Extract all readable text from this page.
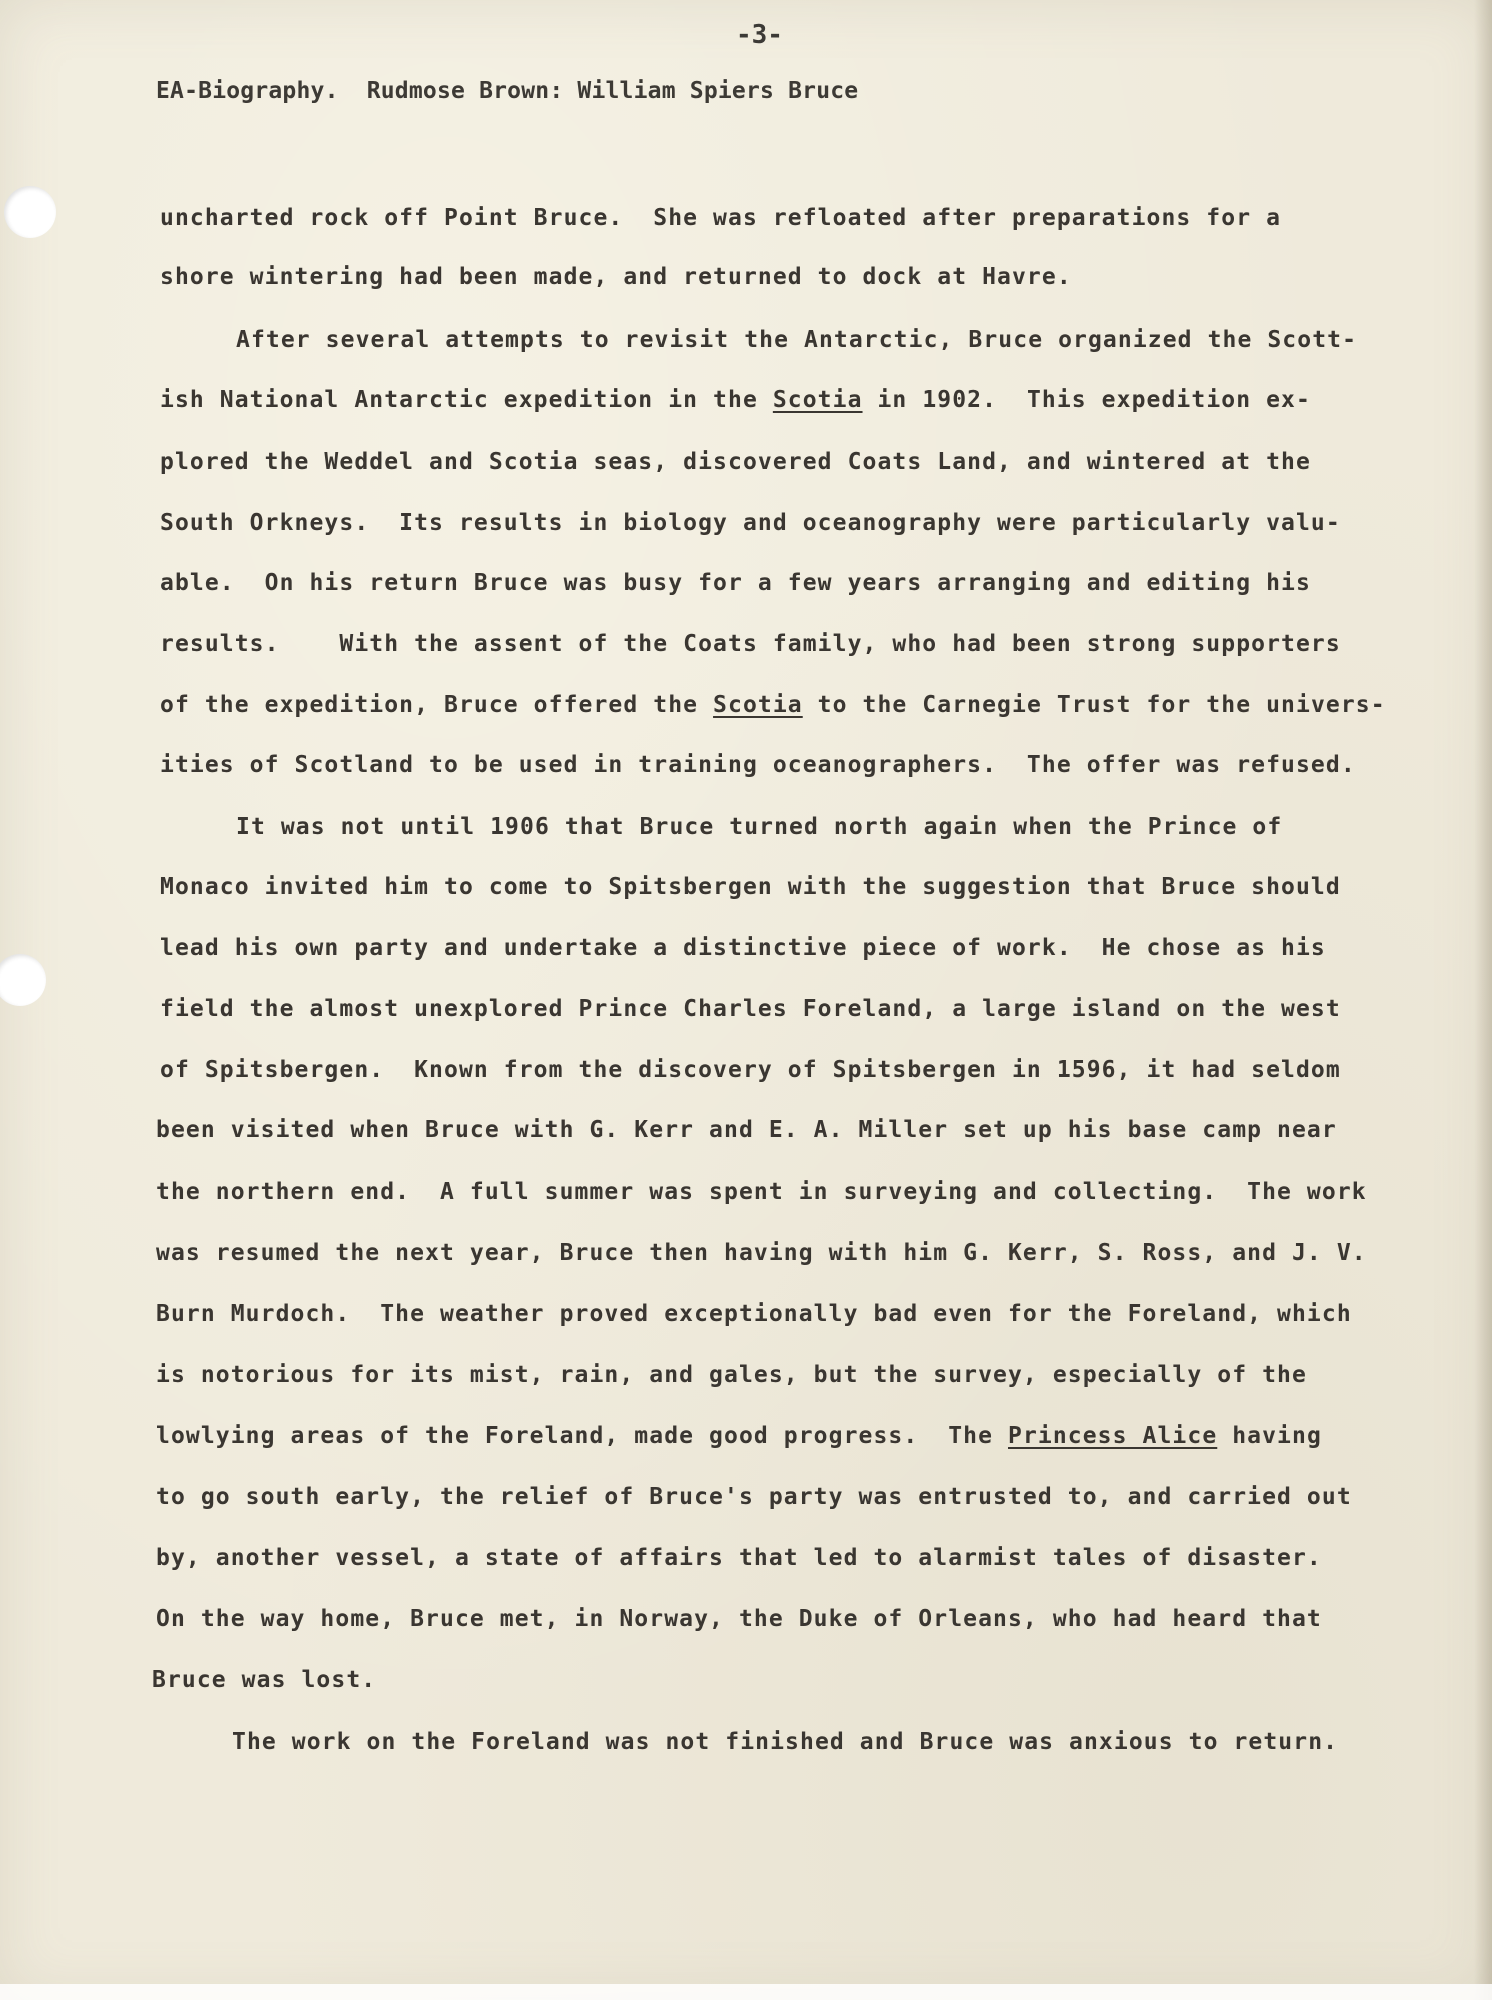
-3-
EA-Biography.  Rudmose Brown: William Spiers Bruce
uncharted rock off Point Bruce.  She was refloated after preparations for a
shore wintering had been made, and returned to dock at Havre.
After several attempts to revisit the Antarctic, Bruce organized the Scott-
ish National Antarctic expedition in the Scotia in 1902.  This expedition ex-
plored the Weddel and Scotia seas, discovered Coats Land, and wintered at the
South Orkneys.  Its results in biology and oceanography were particularly valu-
able.  On his return Bruce was busy for a few years arranging and editing his
results.    With the assent of the Coats family, who had been strong supporters
of the expedition, Bruce offered the Scotia to the Carnegie Trust for the univers-
ities of Scotland to be used in training oceanographers.  The offer was refused.
It was not until 1906 that Bruce turned north again when the Prince of
Monaco invited him to come to Spitsbergen with the suggestion that Bruce should
lead his own party and undertake a distinctive piece of work.  He chose as his
field the almost unexplored Prince Charles Foreland, a large island on the west
of Spitsbergen.  Known from the discovery of Spitsbergen in 1596, it had seldom
been visited when Bruce with G. Kerr and E. A. Miller set up his base camp near
the northern end.  A full summer was spent in surveying and collecting.  The work
was resumed the next year, Bruce then having with him G. Kerr, S. Ross, and J. V.
Burn Murdoch.  The weather proved exceptionally bad even for the Foreland, which
is notorious for its mist, rain, and gales, but the survey, especially of the
lowlying areas of the Foreland, made good progress.  The Princess Alice having
to go south early, the relief of Bruce's party was entrusted to, and carried out
by, another vessel, a state of affairs that led to alarmist tales of disaster.
On the way home, Bruce met, in Norway, the Duke of Orleans, who had heard that
Bruce was lost.
The work on the Foreland was not finished and Bruce was anxious to return.
